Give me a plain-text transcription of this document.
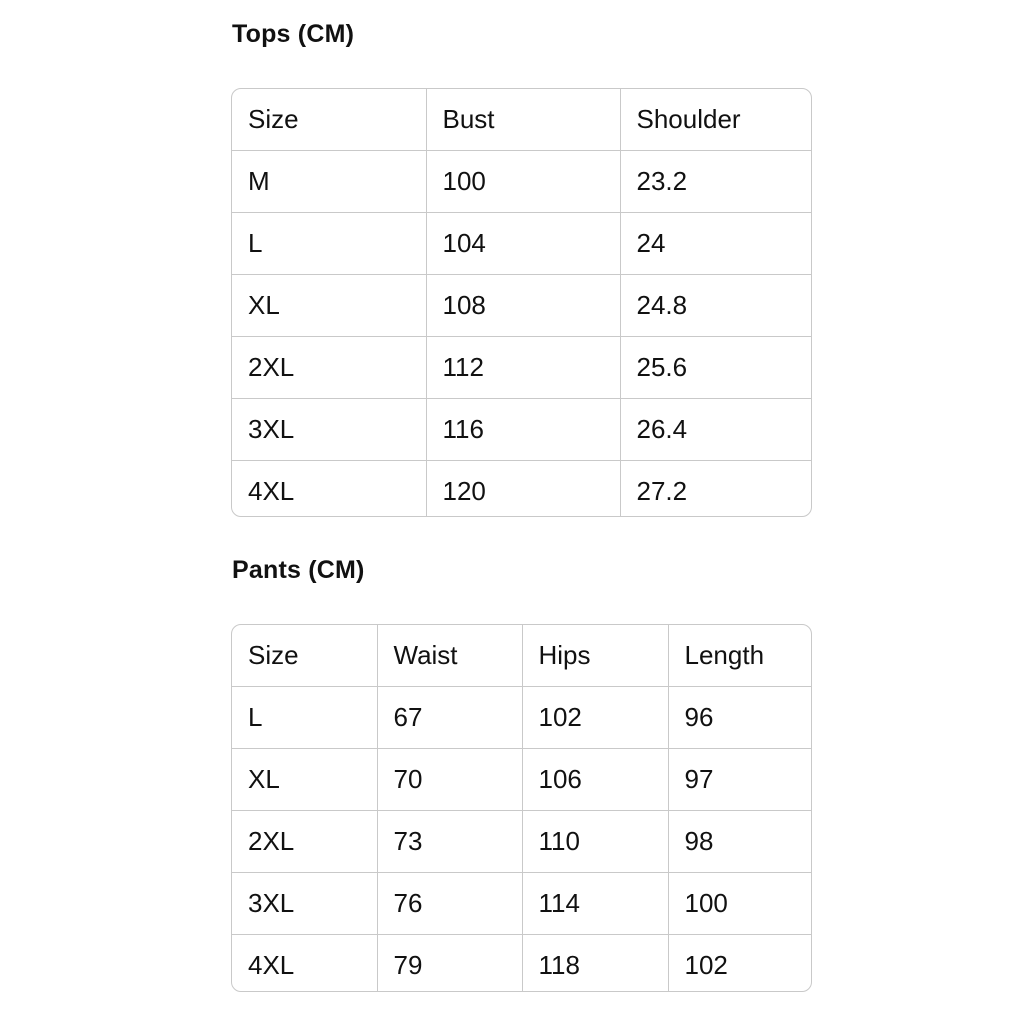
Tops (CM)
Size	Bust	Shoulder
M	100	23.2
L	104	24
XL	108	24.8
2XL	112	25.6
3XL	116	26.4
4XL	120	27.2
Pants (CM)
Size	Waist	Hips	Length
L	67	102	96
XL	70	106	97
2XL	73	110	98
3XL	76	114	100
4XL	79	118	102
